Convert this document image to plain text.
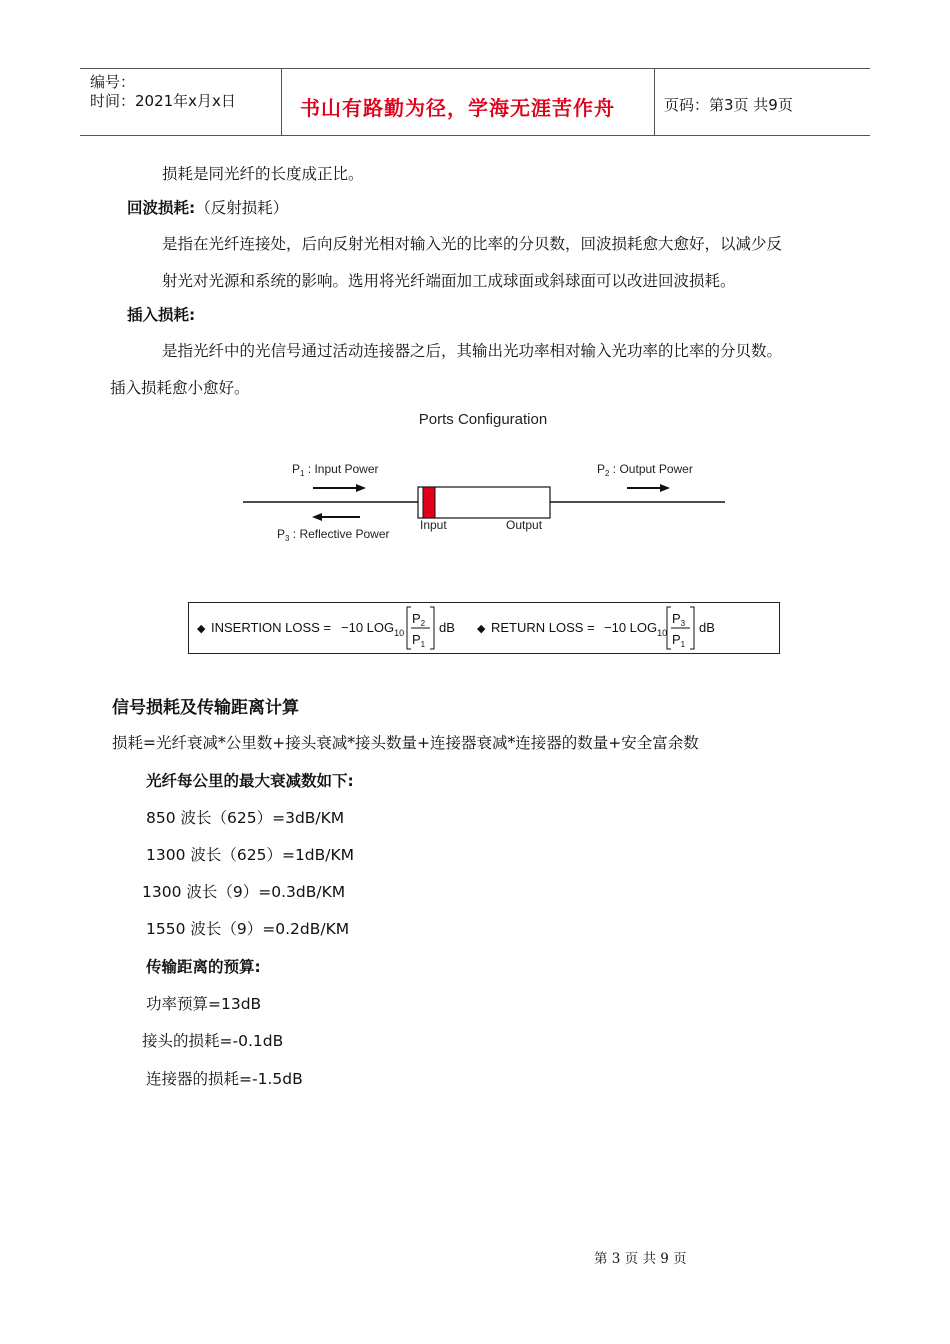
编号：
时间：2021年x月x日	书山有路勤为径，学海无涯苦作舟	页码：第3页 共9页
损耗是同光纤的长度成正比。
回波损耗:（反射损耗）
是指在光纤连接处，后向反射光相对输入光的比率的分贝数，回波损耗愈大愈好，以减少反
射光对光源和系统的影响。选用将光纤端面加工成球面或斜球面可以改进回波损耗。
插入损耗:
是指光纤中的光信号通过活动连接器之后，其输出光功率相对输入光功率的比率的分贝数。
插入损耗愈小愈好。
Ports Configuration
$P_1$ : Input Power	$P_2$ : Output Power
Input	Output
$P_3$ : Reflective Power
◆ INSERTION LOSS = −10 $LOG_{10}$
$P_2$
$P_1$
dB ◆ RETURN LOSS = −10 $LOG_{10}$
$P_3$
$P_1$
dB
信号损耗及传输距离计算
损耗=光纤衰减*公里数+接头衰减*接头数量+连接器衰减*连接器的数量+安全富余数
光纤每公里的最大衰减数如下:
850 波长（625）=3dB/KM
1300 波长（625）=1dB/KM
1300 波长（9）=0.3dB/KM
1550 波长（9）=0.2dB/KM
传输距离的预算:
功率预算=13dB
接头的损耗=-0.1dB
连接器的损耗=-1.5dB
第 3 页 共 9 页
